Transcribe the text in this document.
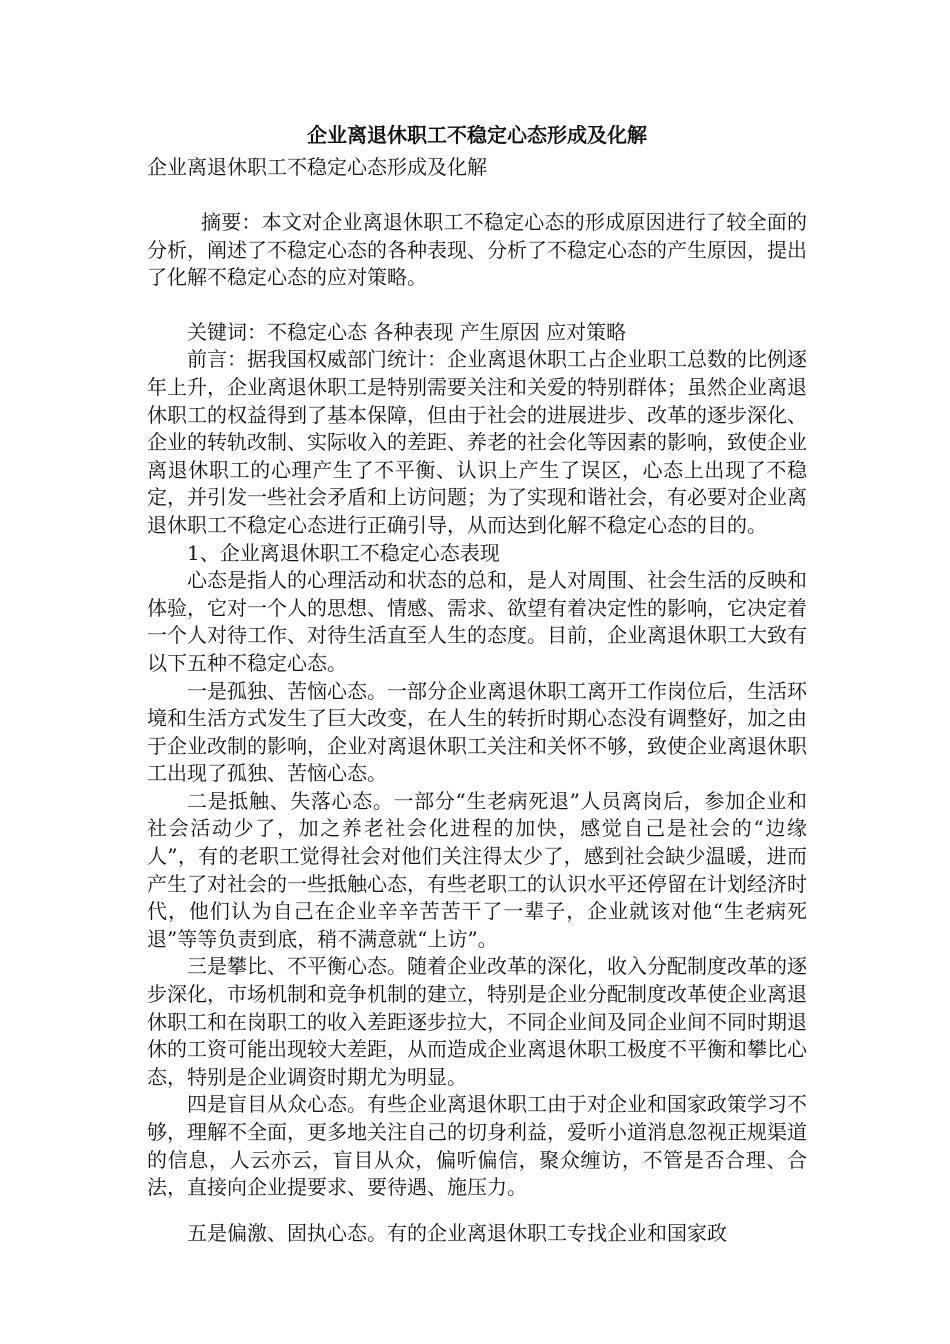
企业离退休职工不稳定心态形成及化解

企业离退休职工不稳定心态形成及化解

摘要：本文对企业离退休职工不稳定心态的形成原因进行了较全面的分析，阐述了不稳定心态的各种表现、分析了不稳定心态的产生原因，提出了化解不稳定心态的应对策略。

关键词：不稳定心态 各种表现 产生原因 应对策略

前言：据我国权威部门统计：企业离退休职工占企业职工总数的比例逐年上升，企业离退休职工是特别需要关注和关爱的特别群体；虽然企业离退休职工的权益得到了基本保障，但由于社会的进展进步、改革的逐步深化、企业的转轨改制、实际收入的差距、养老的社会化等因素的影响，致使企业离退休职工的心理产生了不平衡、认识上产生了误区，心态上出现了不稳定，并引发一些社会矛盾和上访问题；为了实现和谐社会，有必要对企业离退休职工不稳定心态进行正确引导，从而达到化解不稳定心态的目的。

1、企业离退休职工不稳定心态表现

心态是指人的心理活动和状态的总和，是人对周围、社会生活的反映和体验，它对一个人的思想、情感、需求、欲望有着决定性的影响，它决定着一个人对待工作、对待生活直至人生的态度。目前，企业离退休职工大致有以下五种不稳定心态。

一是孤独、苦恼心态。一部分企业离退休职工离开工作岗位后，生活环境和生活方式发生了巨大改变，在人生的转折时期心态没有调整好，加之由于企业改制的影响，企业对离退休职工关注和关怀不够，致使企业离退休职工出现了孤独、苦恼心态。

二是抵触、失落心态。一部分“生老病死退”人员离岗后，参加企业和社会活动少了，加之养老社会化进程的加快，感觉自己是社会的“边缘人”，有的老职工觉得社会对他们关注得太少了，感到社会缺少温暖，进而产生了对社会的一些抵触心态，有些老职工的认识水平还停留在计划经济时代，他们认为自己在企业辛辛苦苦干了一辈子，企业就该对他“生老病死退”等等负责到底，稍不满意就“上访”。

三是攀比、不平衡心态。随着企业改革的深化，收入分配制度改革的逐步深化，市场机制和竞争机制的建立，特别是企业分配制度改革使企业离退休职工和在岗职工的收入差距逐步拉大，不同企业间及同企业间不同时期退休的工资可能出现较大差距，从而造成企业离退休职工极度不平衡和攀比心态，特别是企业调资时期尤为明显。

四是盲目从众心态。有些企业离退休职工由于对企业和国家政策学习不够，理解不全面，更多地关注自己的切身利益，爱听小道消息忽视正规渠道的信息，人云亦云，盲目从众，偏听偏信，聚众缠访，不管是否合理、合法，直接向企业提要求、要待遇、施压力。

五是偏激、固执心态。有的企业离退休职工专找企业和国家政
